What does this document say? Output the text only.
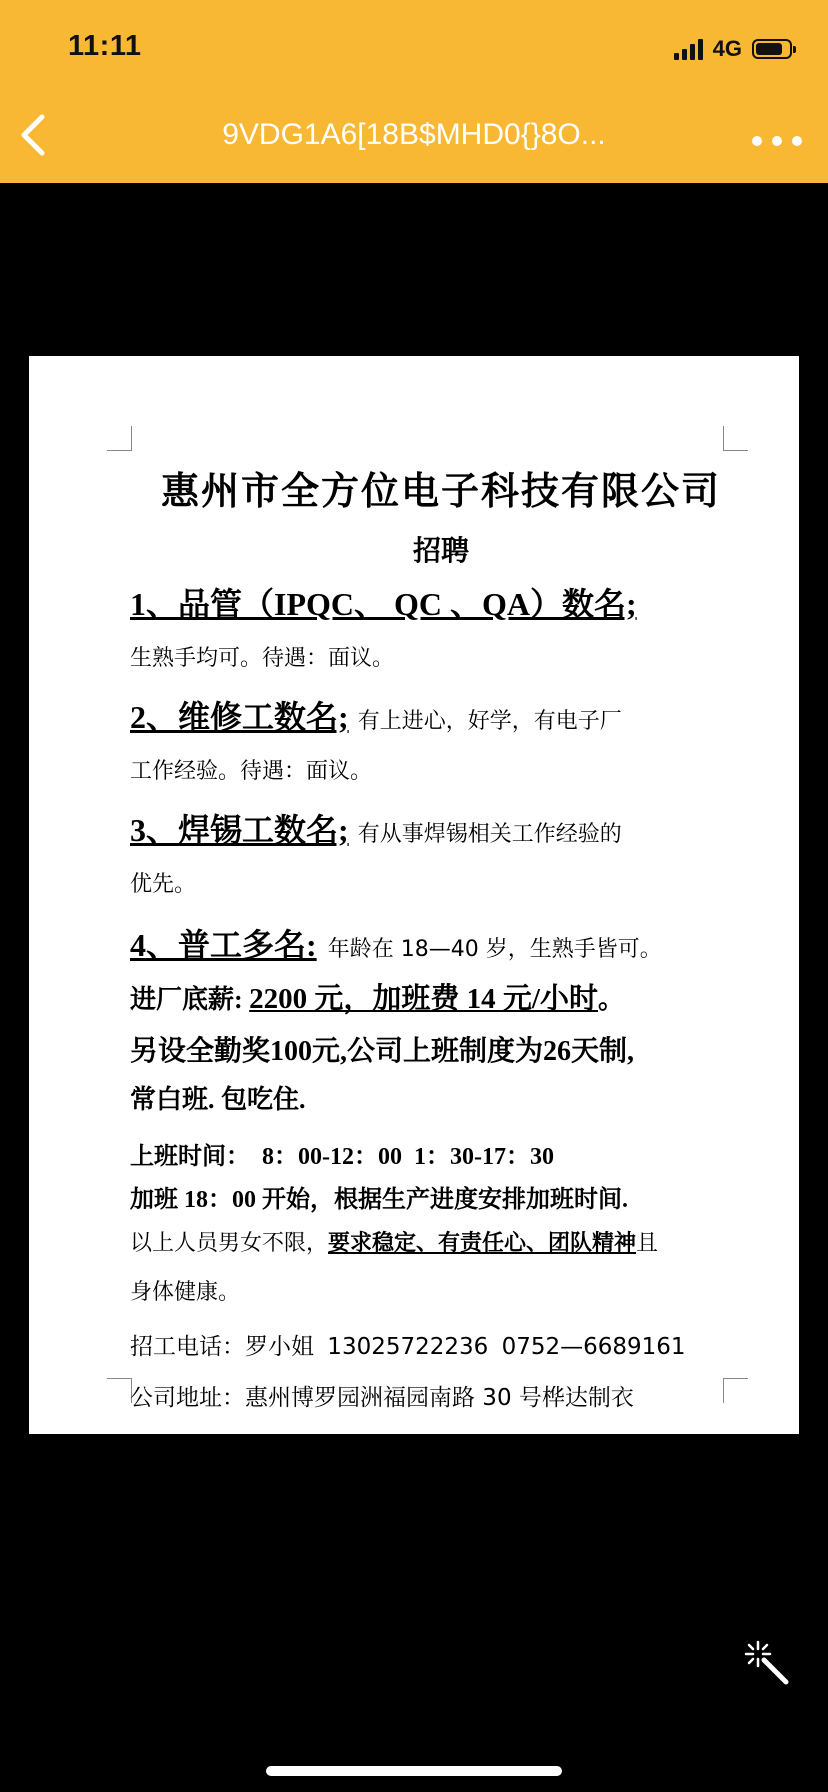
11:11	4G
9VDG1A6[18B$MHD0{}8O...
惠州市全方位电子科技有限公司
招聘
1、品管（IPQC、 QC 、QA）数名;
生熟手均可。待遇：面议。
2、维修工数名; 有上进心，好学，有电子厂
工作经验。待遇：面议。
3、焊锡工数名; 有从事焊锡相关工作经验的
优先。
4、普工多名: 年龄在 18—40 岁，生熟手皆可。
进厂底薪: 2200 元，加班费 14 元/小时。
另设全勤奖100元,公司上班制度为26天制,
常白班. 包吃住.
上班时间： 8：00-12：00 1：30-17：30
加班 18：00 开始，根据生产进度安排加班时间.
以上人员男女不限，要求稳定、有责任心、团队精神且
身体健康。
招工电话：罗小姐 13025722236 0752—6689161
公司地址：惠州博罗园洲福园南路 30 号桦达制衣
厂四楼
